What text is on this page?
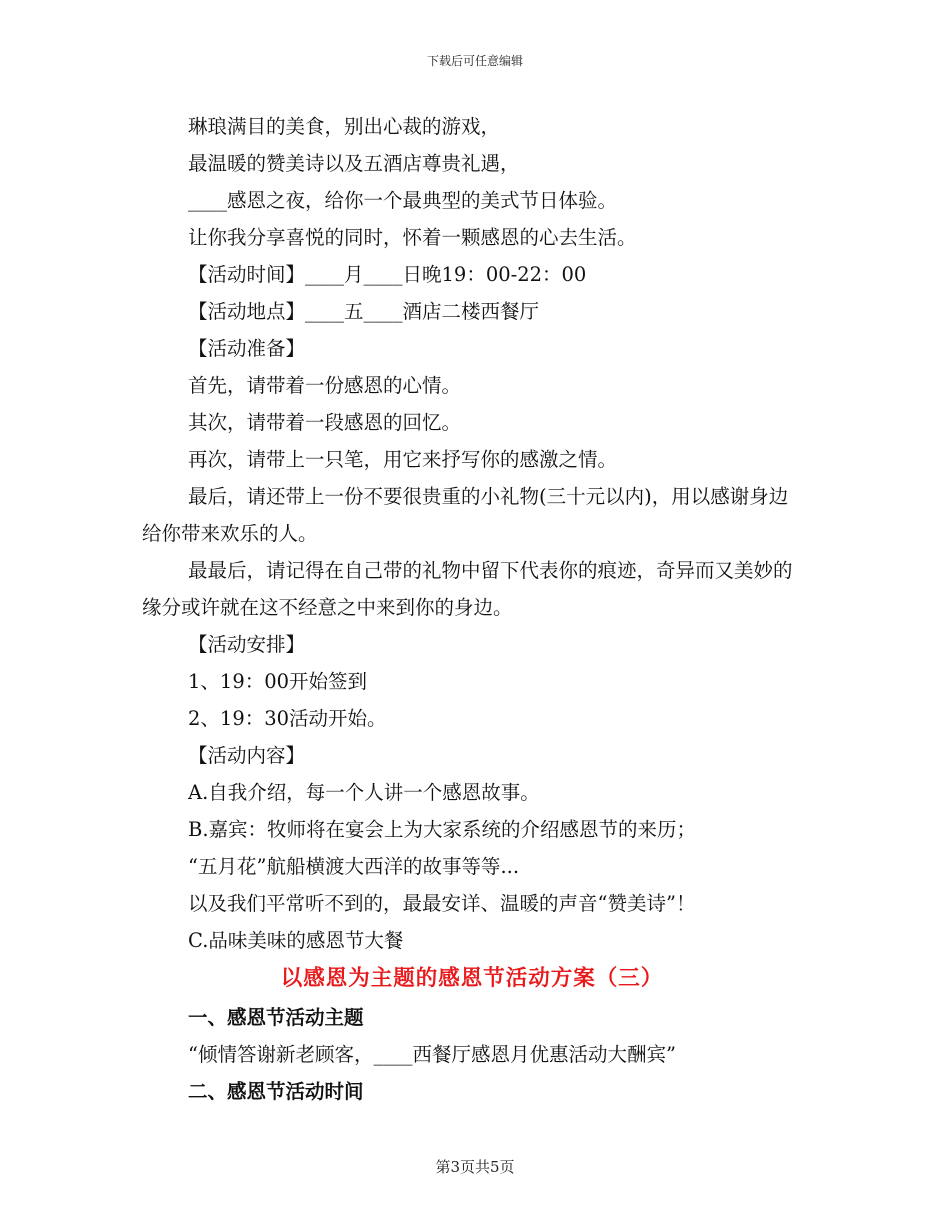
下载后可任意编辑
琳琅满目的美食，别出心裁的游戏，
最温暖的赞美诗以及五酒店尊贵礼遇，
____感恩之夜，给你一个最典型的美式节日体验。
让你我分享喜悦的同时，怀着一颗感恩的心去生活。
【活动时间】____月____日晚19：00-22：00
【活动地点】____五____酒店二楼西餐厅
【活动准备】
首先，请带着一份感恩的心情。
其次，请带着一段感恩的回忆。
再次，请带上一只笔，用它来抒写你的感激之情。
最后，请还带上一份不要很贵重的小礼物(三十元以内)，用以感谢身边给你带来欢乐的人。
最最后，请记得在自己带的礼物中留下代表你的痕迹，奇异而又美妙的缘分或许就在这不经意之中来到你的身边。
【活动安排】
1、19：00开始签到
2、19：30活动开始。
【活动内容】
A.自我介绍，每一个人讲一个感恩故事。
B.嘉宾：牧师将在宴会上为大家系统的介绍感恩节的来历；
“五月花”航船横渡大西洋的故事等等...
以及我们平常听不到的，最最安详、温暖的声音“赞美诗”！
C.品味美味的感恩节大餐
以感恩为主题的感恩节活动方案（三）
一、感恩节活动主题
“倾情答谢新老顾客，____西餐厅感恩月优惠活动大酬宾”
二、感恩节活动时间
第3页共5页
